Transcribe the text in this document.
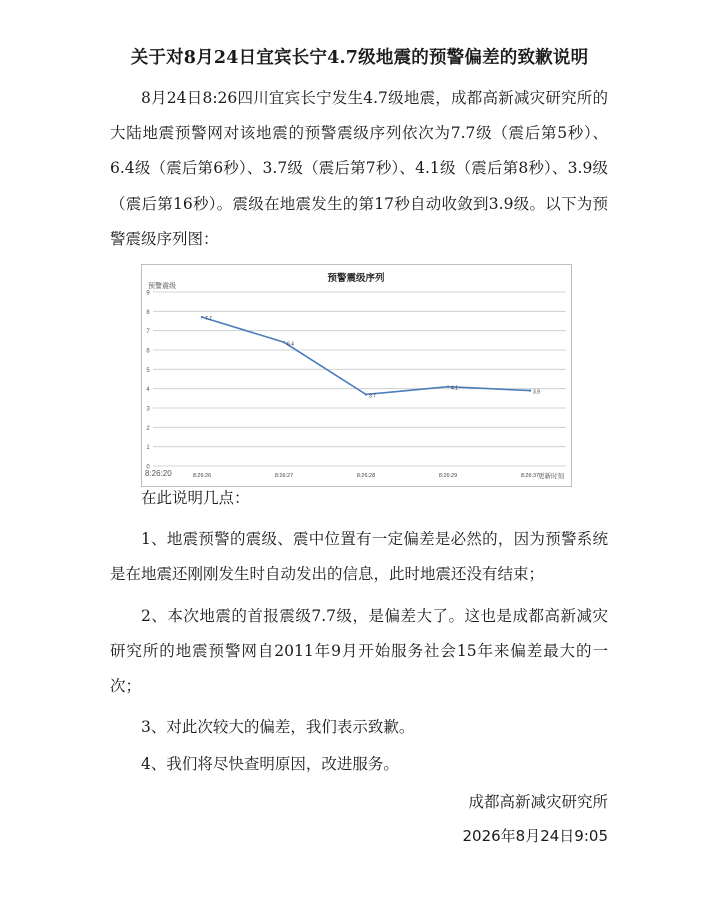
关于对8月24日宜宾长宁4.7级地震的预警偏差的致歉说明

8月24日8:26四川宜宾长宁发生4.7级地震，成都高新减灾研究所的大陆地震预警网对该地震的预警震级序列依次为7.7级（震后第5秒）、6.4级（震后第6秒）、3.7级（震后第7秒）、4.1级（震后第8秒）、3.9级（震后第16秒）。震级在地震发生的第17秒自动收敛到3.9级。以下为预警震级序列图：

预警震级序列
预警震级
更新时刻
8:26:20
0
1
2
3
4
5
6
7
8
9
8:26:26	8:26:27	8:26:28	8:26:29	8:26:37
7.7
6.4
3.7
4.1
3.9
在此说明几点：

1、地震预警的震级、震中位置有一定偏差是必然的，因为预警系统是在地震还刚刚发生时自动发出的信息，此时地震还没有结束；

2、本次地震的首报震级7.7级，是偏差大了。这也是成都高新减灾研究所的地震预警网自2011年9月开始服务社会15年来偏差最大的一次；

3、对此次较大的偏差，我们表示致歉。

4、我们将尽快查明原因，改进服务。

成都高新减灾研究所
2026年8月24日9:05
